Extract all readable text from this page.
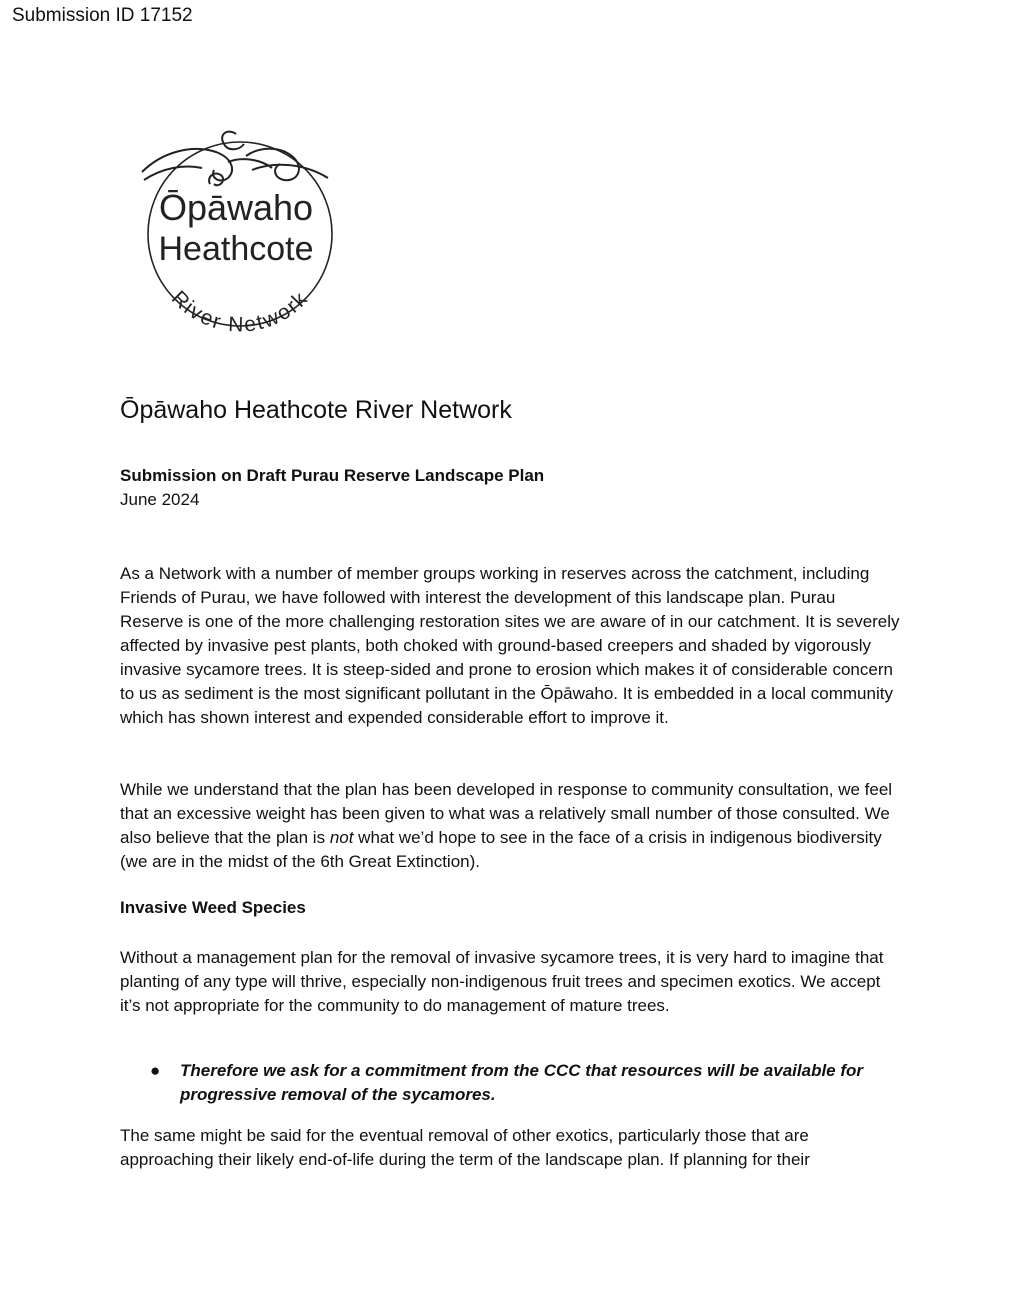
Submission ID 17152
Ōpāwaho
Heathcote
River Network
Ōpāwaho Heathcote River Network
Submission on Draft Purau Reserve Landscape Plan
June 2024

As a Network with a number of member groups working in reserves across the catchment, including Friends of Purau, we have followed with interest the development of this landscape plan. Purau Reserve is one of the more challenging restoration sites we are aware of in our catchment. It is severely affected by invasive pest plants, both choked with ground-based creepers and shaded by vigorously invasive sycamore trees. It is steep-sided and prone to erosion which makes it of considerable concern to us as sediment is the most significant pollutant in the Ōpāwaho. It is embedded in a local community which has shown interest and expended considerable effort to improve it.

While we understand that the plan has been developed in response to community consultation, we feel that an excessive weight has been given to what was a relatively small number of those consulted. We also believe that the plan is not what we’d hope to see in the face of a crisis in indigenous biodiversity (we are in the midst of the 6th Great Extinction).

Invasive Weed Species

Without a management plan for the removal of invasive sycamore trees, it is very hard to imagine that planting of any type will thrive, especially non-indigenous fruit trees and specimen exotics. We accept it’s not appropriate for the community to do management of mature trees.

● Therefore we ask for a commitment from the CCC that resources will be available for progressive removal of the sycamores.

The same might be said for the eventual removal of other exotics, particularly those that are approaching their likely end-of-life during the term of the landscape plan. If planning for their
